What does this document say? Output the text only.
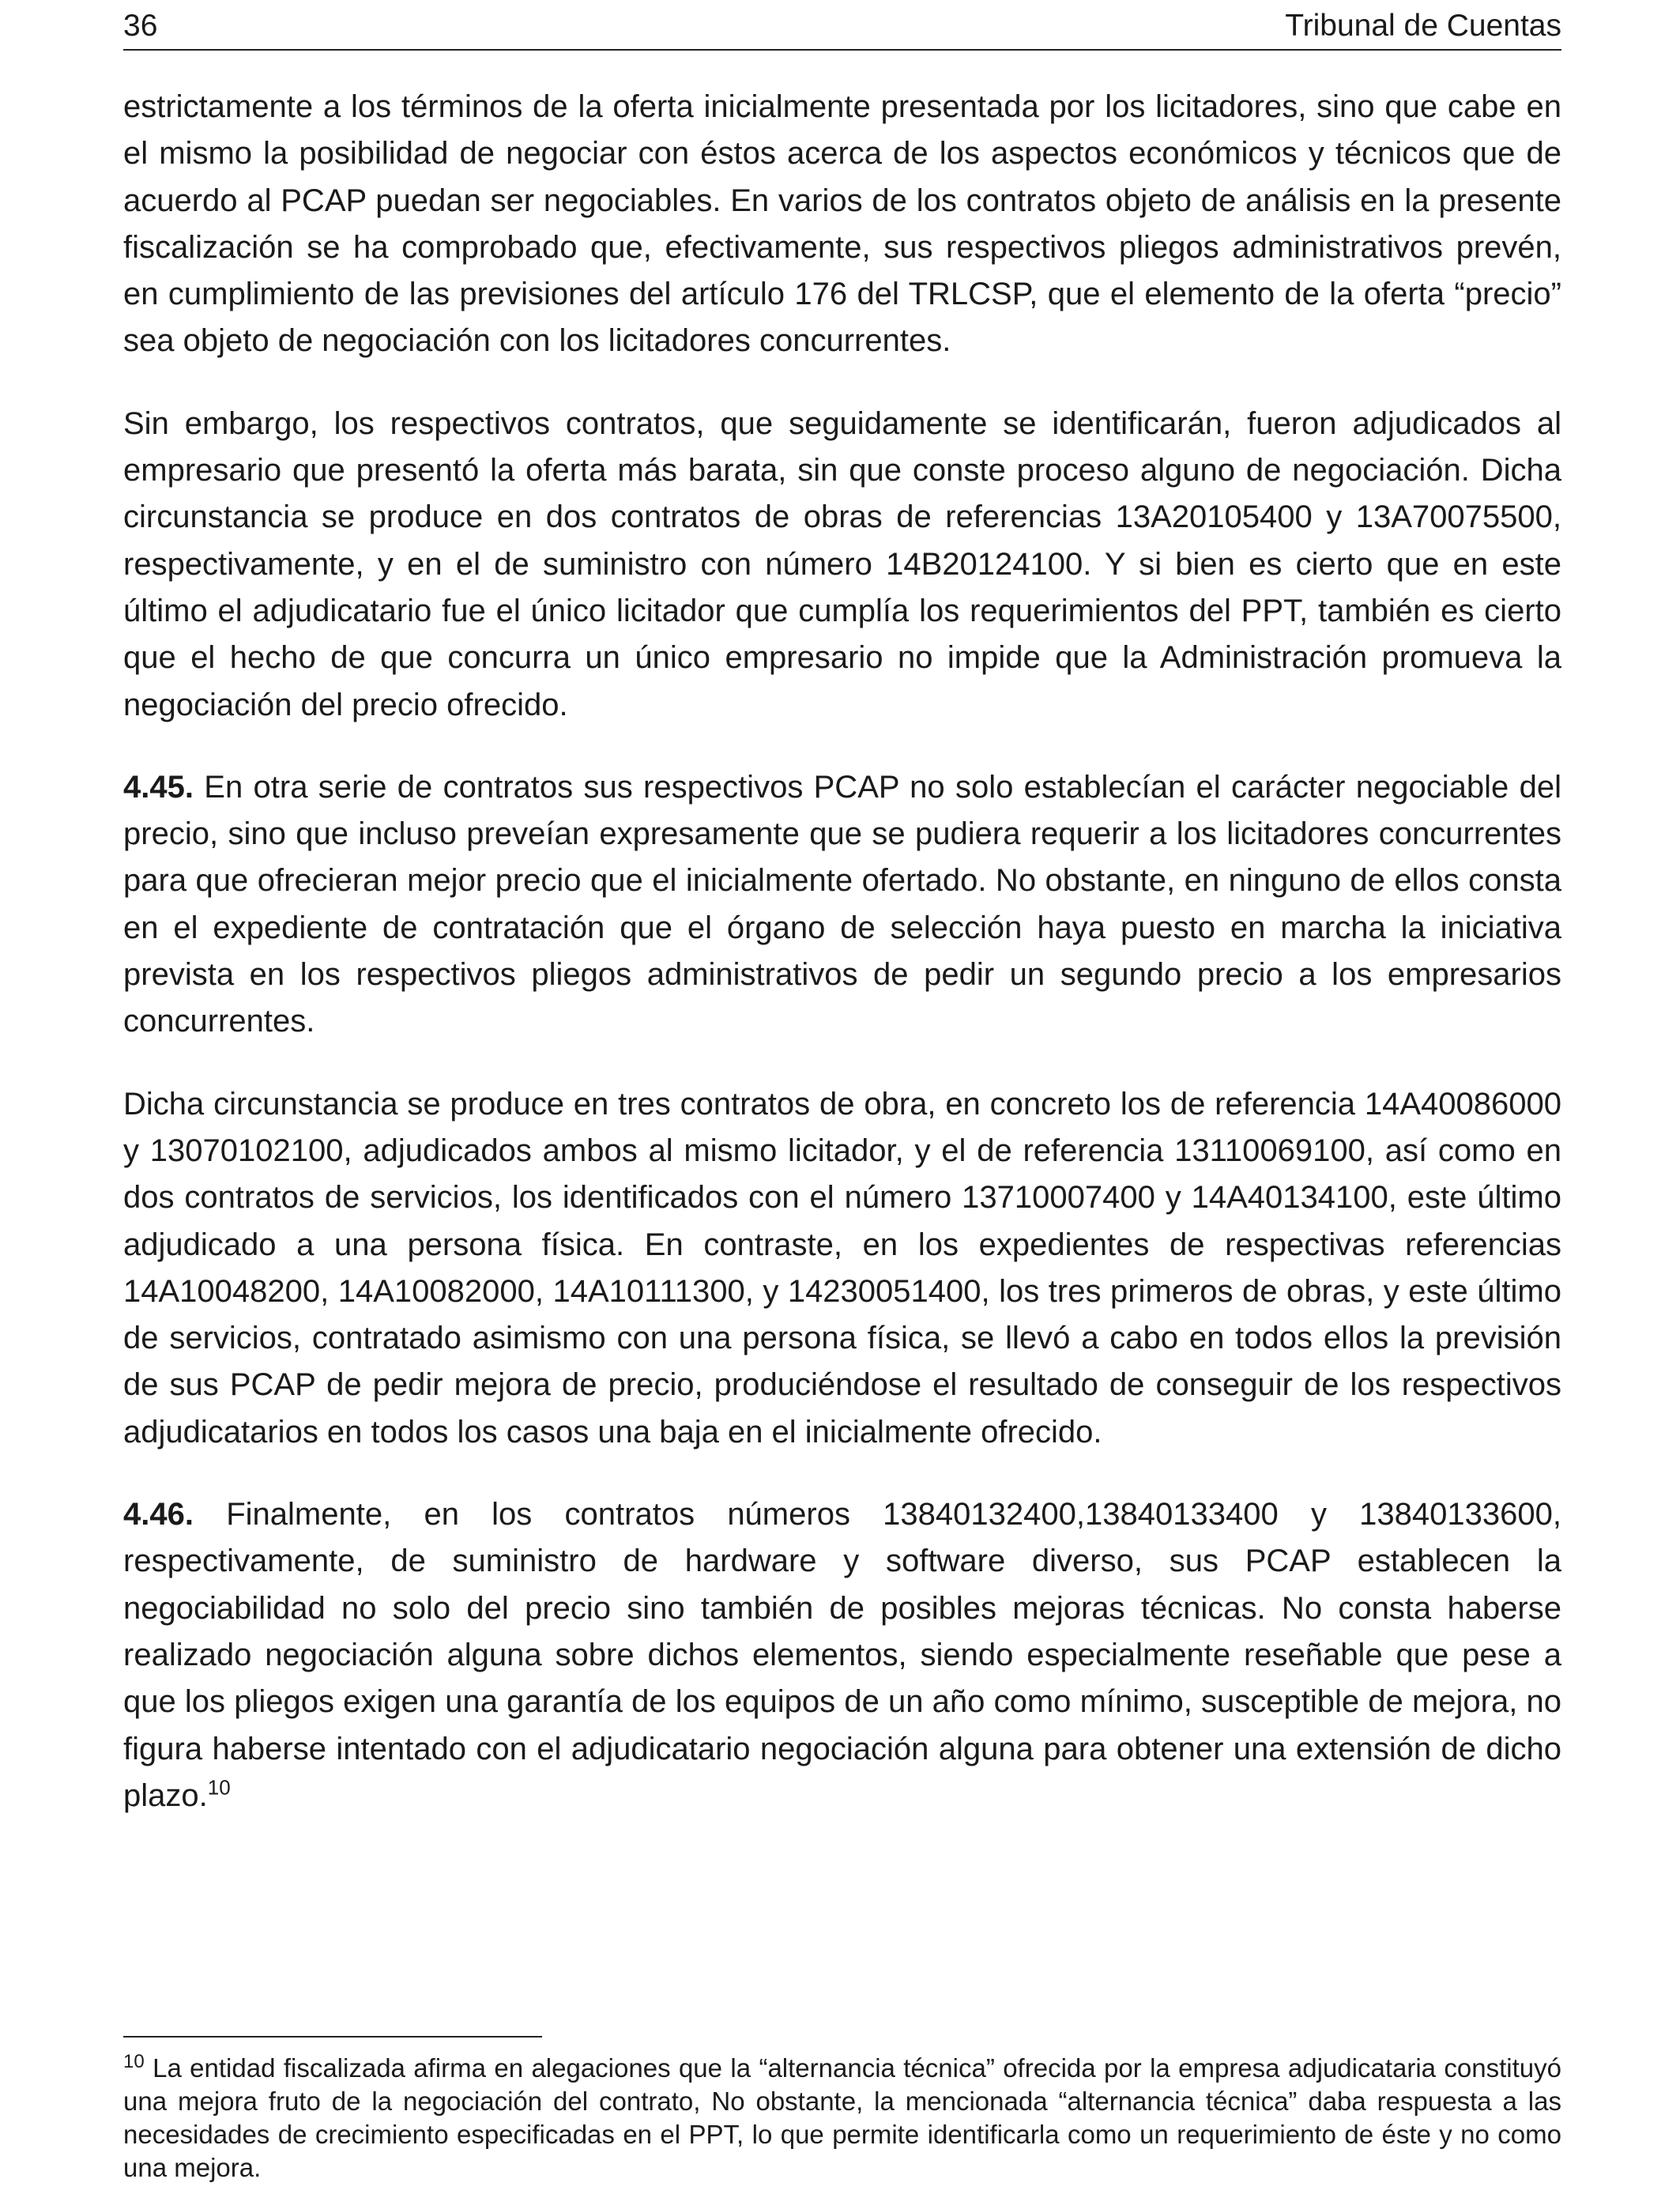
36	Tribunal de Cuentas

estrictamente a los términos de la oferta inicialmente presentada por los licitadores, sino que cabe en el mismo la posibilidad de negociar con éstos acerca de los aspectos económicos y técnicos que de acuerdo al PCAP puedan ser negociables. En varios de los contratos objeto de análisis en la presente fiscalización se ha comprobado que, efectivamente, sus respectivos pliegos administrativos prevén, en cumplimiento de las previsiones del artículo 176 del TRLCSP, que el elemento de la oferta “precio” sea objeto de negociación con los licitadores concurrentes.

Sin embargo, los respectivos contratos, que seguidamente se identificarán, fueron adjudicados al empresario que presentó la oferta más barata, sin que conste proceso alguno de negociación. Dicha circunstancia se produce en dos contratos de obras de referencias 13A20105400 y 13A70075500, respectivamente, y en el de suministro con número 14B20124100. Y si bien es cierto que en este último el adjudicatario fue el único licitador que cumplía los requerimientos del PPT, también es cierto que el hecho de que concurra un único empresario no impide que la Administración promueva la negociación del precio ofrecido.

4.45. En otra serie de contratos sus respectivos PCAP no solo establecían el carácter negociable del precio, sino que incluso preveían expresamente que se pudiera requerir a los licitadores concurrentes para que ofrecieran mejor precio que el inicialmente ofertado. No obstante, en ninguno de ellos consta en el expediente de contratación que el órgano de selección haya puesto en marcha la iniciativa prevista en los respectivos pliegos administrativos de pedir un segundo precio a los empresarios concurrentes.

Dicha circunstancia se produce en tres contratos de obra, en concreto los de referencia 14A40086000 y 13070102100, adjudicados ambos al mismo licitador, y el de referencia 13110069100, así como en dos contratos de servicios, los identificados con el número 13710007400 y 14A40134100, este último adjudicado a una persona física. En contraste, en los expedientes de respectivas referencias 14A10048200, 14A10082000, 14A10111300, y 14230051400, los tres primeros de obras, y este último de servicios, contratado asimismo con una persona física, se llevó a cabo en todos ellos la previsión de sus PCAP de pedir mejora de precio, produciéndose el resultado de conseguir de los respectivos adjudicatarios en todos los casos una baja en el inicialmente ofrecido.

4.46. Finalmente, en los contratos números 13840132400,13840133400 y 13840133600, respectivamente, de suministro de hardware y software diverso, sus PCAP establecen la negociabilidad no solo del precio sino también de posibles mejoras técnicas. No consta haberse realizado negociación alguna sobre dichos elementos, siendo especialmente reseñable que pese a que los pliegos exigen una garantía de los equipos de un año como mínimo, susceptible de mejora, no figura haberse intentado con el adjudicatario negociación alguna para obtener una extensión de dicho plazo.$^{10}$

$^{10}$ La entidad fiscalizada afirma en alegaciones que la “alternancia técnica” ofrecida por la empresa adjudicataria constituyó una mejora fruto de la negociación del contrato, No obstante, la mencionada “alternancia técnica” daba respuesta a las necesidades de crecimiento especificadas en el PPT, lo que permite identificarla como un requerimiento de éste y no como una mejora.
